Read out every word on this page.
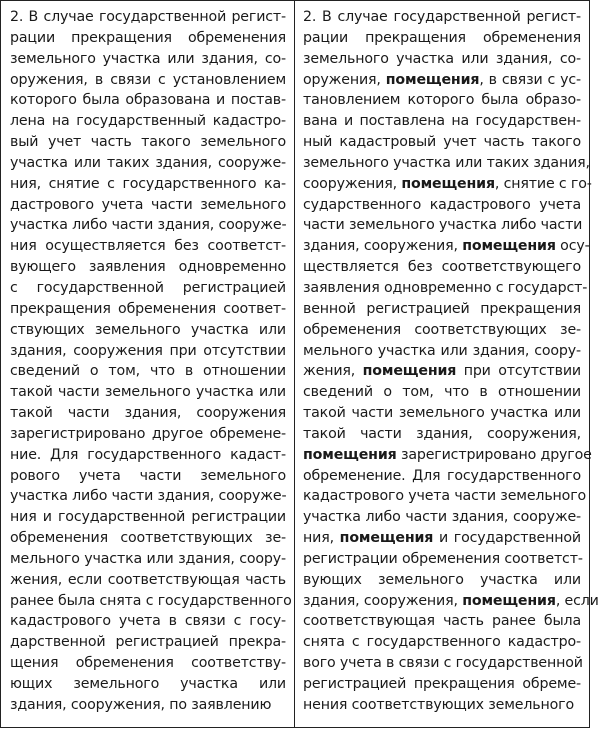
2. В случае государственной регист-
рации прекращения обременения
земельного участка или здания, со-
оружения, в связи с установлением
которого была образована и постав-
лена на государственный кадастро-
вый учет часть такого земельного
участка или таких здания, сооруже-
ния, снятие с государственного ка-
дастрового учета части земельного
участка либо части здания, сооруже-
ния осуществляется без соответст-
вующего заявления одновременно
с государственной регистрацией
прекращения обременения соответ-
ствующих земельного участка или
здания, сооружения при отсутствии
сведений о том, что в отношении
такой части земельного участка или
такой части здания, сооружения
зарегистрировано другое обремене-
ние. Для государственного кадаст-
рового учета части земельного
участка либо части здания, сооруже-
ния и государственной регистрации
обременения соответствующих зе-
мельного участка или здания, соору-
жения, если соответствующая часть
ранее была снята с государственного
кадастрового учета в связи с госу-
дарственной регистрацией прекра-
щения обременения соответству-
ющих земельного участка или
здания, сооружения, по заявлению
2. В случае государственной регист-
рации прекращения обременения
земельного участка или здания, со-
оружения, помещения, в связи с ус-
тановлением которого была образо-
вана и поставлена на государствен-
ный кадастровый учет часть такого
земельного участка или таких здания,
сооружения, помещения, снятие с го-
сударственного кадастрового учета
части земельного участка либо части
здания, сооружения, помещения осу-
ществляется без соответствующего
заявления одновременно с государст-
венной регистрацией прекращения
обременения соответствующих зе-
мельного участка или здания, соору-
жения, помещения при отсутствии
сведений о том, что в отношении
такой части земельного участка или
такой части здания, сооружения,
помещения зарегистрировано другое
обременение. Для государственного
кадастрового учета части земельного
участка либо части здания, сооруже-
ния, помещения и государственной
регистрации обременения соответст-
вующих земельного участка или
здания, сооружения, помещения, если
соответствующая часть ранее была
снята с государственного кадастро-
вого учета в связи с государственной
регистрацией прекращения обреме-
нения соответствующих земельного
